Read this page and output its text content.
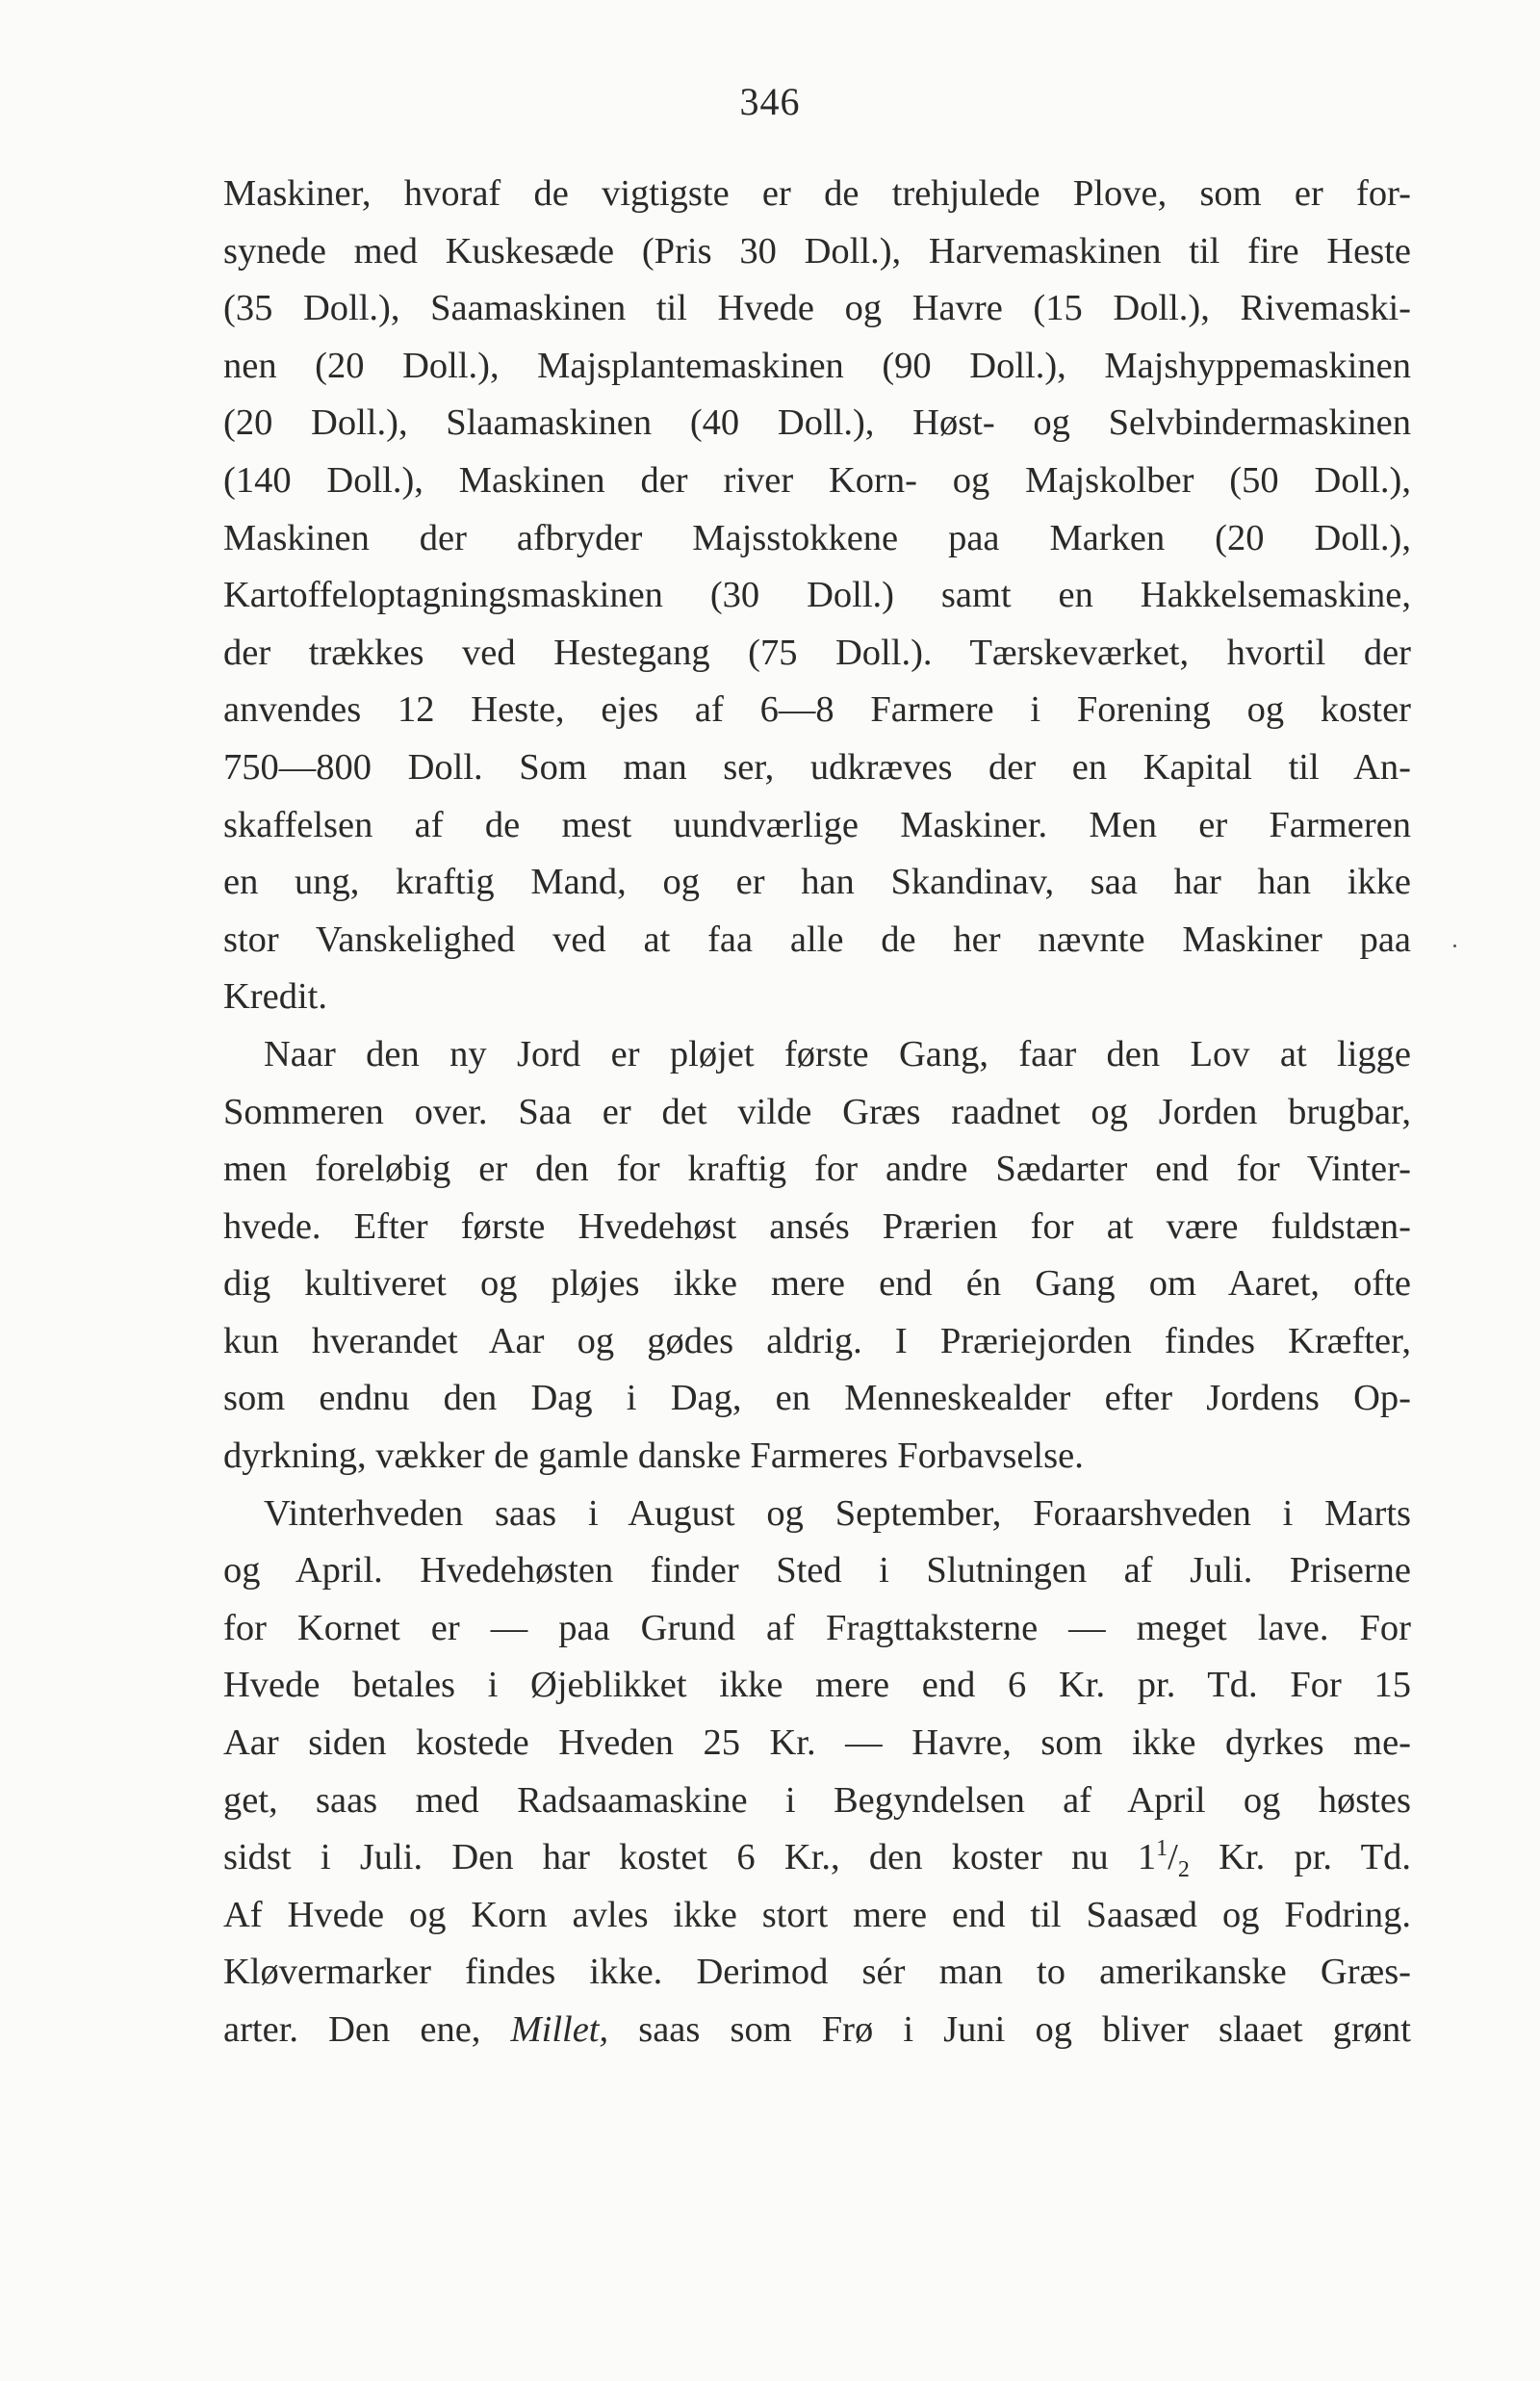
346
Maskiner, hvoraf de vigtigste er de trehjulede Plove, som er for-
synede med Kuskesæde (Pris 30 Doll.), Harvemaskinen til fire Heste
(35 Doll.), Saamaskinen til Hvede og Havre (15 Doll.), Rivemaski-
nen (20 Doll.), Majsplantemaskinen (90 Doll.), Majshyppemaskinen
(20 Doll.), Slaamaskinen (40 Doll.), Høst- og Selvbindermaskinen
(140 Doll.), Maskinen der river Korn- og Majskolber (50 Doll.),
Maskinen der afbryder Majsstokkene paa Marken (20 Doll.),
Kartoffeloptagningsmaskinen (30 Doll.) samt en Hakkelsemaskine,
der trækkes ved Hestegang (75 Doll.). Tærskeværket, hvortil der
anvendes 12 Heste, ejes af 6—8 Farmere i Forening og koster
750—800 Doll. Som man ser, udkræves der en Kapital til An-
skaffelsen af de mest uundværlige Maskiner. Men er Farmeren
en ung, kraftig Mand, og er han Skandinav, saa har han ikke
stor Vanskelighed ved at faa alle de her nævnte Maskiner paa
Kredit.
Naar den ny Jord er pløjet første Gang, faar den Lov at ligge
Sommeren over. Saa er det vilde Græs raadnet og Jorden brugbar,
men foreløbig er den for kraftig for andre Sædarter end for Vinter-
hvede. Efter første Hvedehøst ansés Prærien for at være fuldstæn-
dig kultiveret og pløjes ikke mere end én Gang om Aaret, ofte
kun hverandet Aar og gødes aldrig. I Præriejorden findes Kræfter,
som endnu den Dag i Dag, en Menneskealder efter Jordens Op-
dyrkning, vækker de gamle danske Farmeres Forbavselse.
Vinterhveden saas i August og September, Foraarshveden i Marts
og April. Hvedehøsten finder Sted i Slutningen af Juli. Priserne
for Kornet er — paa Grund af Fragttaksterne — meget lave. For
Hvede betales i Øjeblikket ikke mere end 6 Kr. pr. Td. For 15
Aar siden kostede Hveden 25 Kr. — Havre, som ikke dyrkes me-
get, saas med Radsaamaskine i Begyndelsen af April og høstes
sidst i Juli. Den har kostet 6 Kr., den koster nu $1^1/_2$ Kr. pr. Td.
Af Hvede og Korn avles ikke stort mere end til Saasæd og Fodring.
Kløvermarker findes ikke. Derimod sér man to amerikanske Græs-
arter. Den ene, Millet, saas som Frø i Juni og bliver slaaet grønt
